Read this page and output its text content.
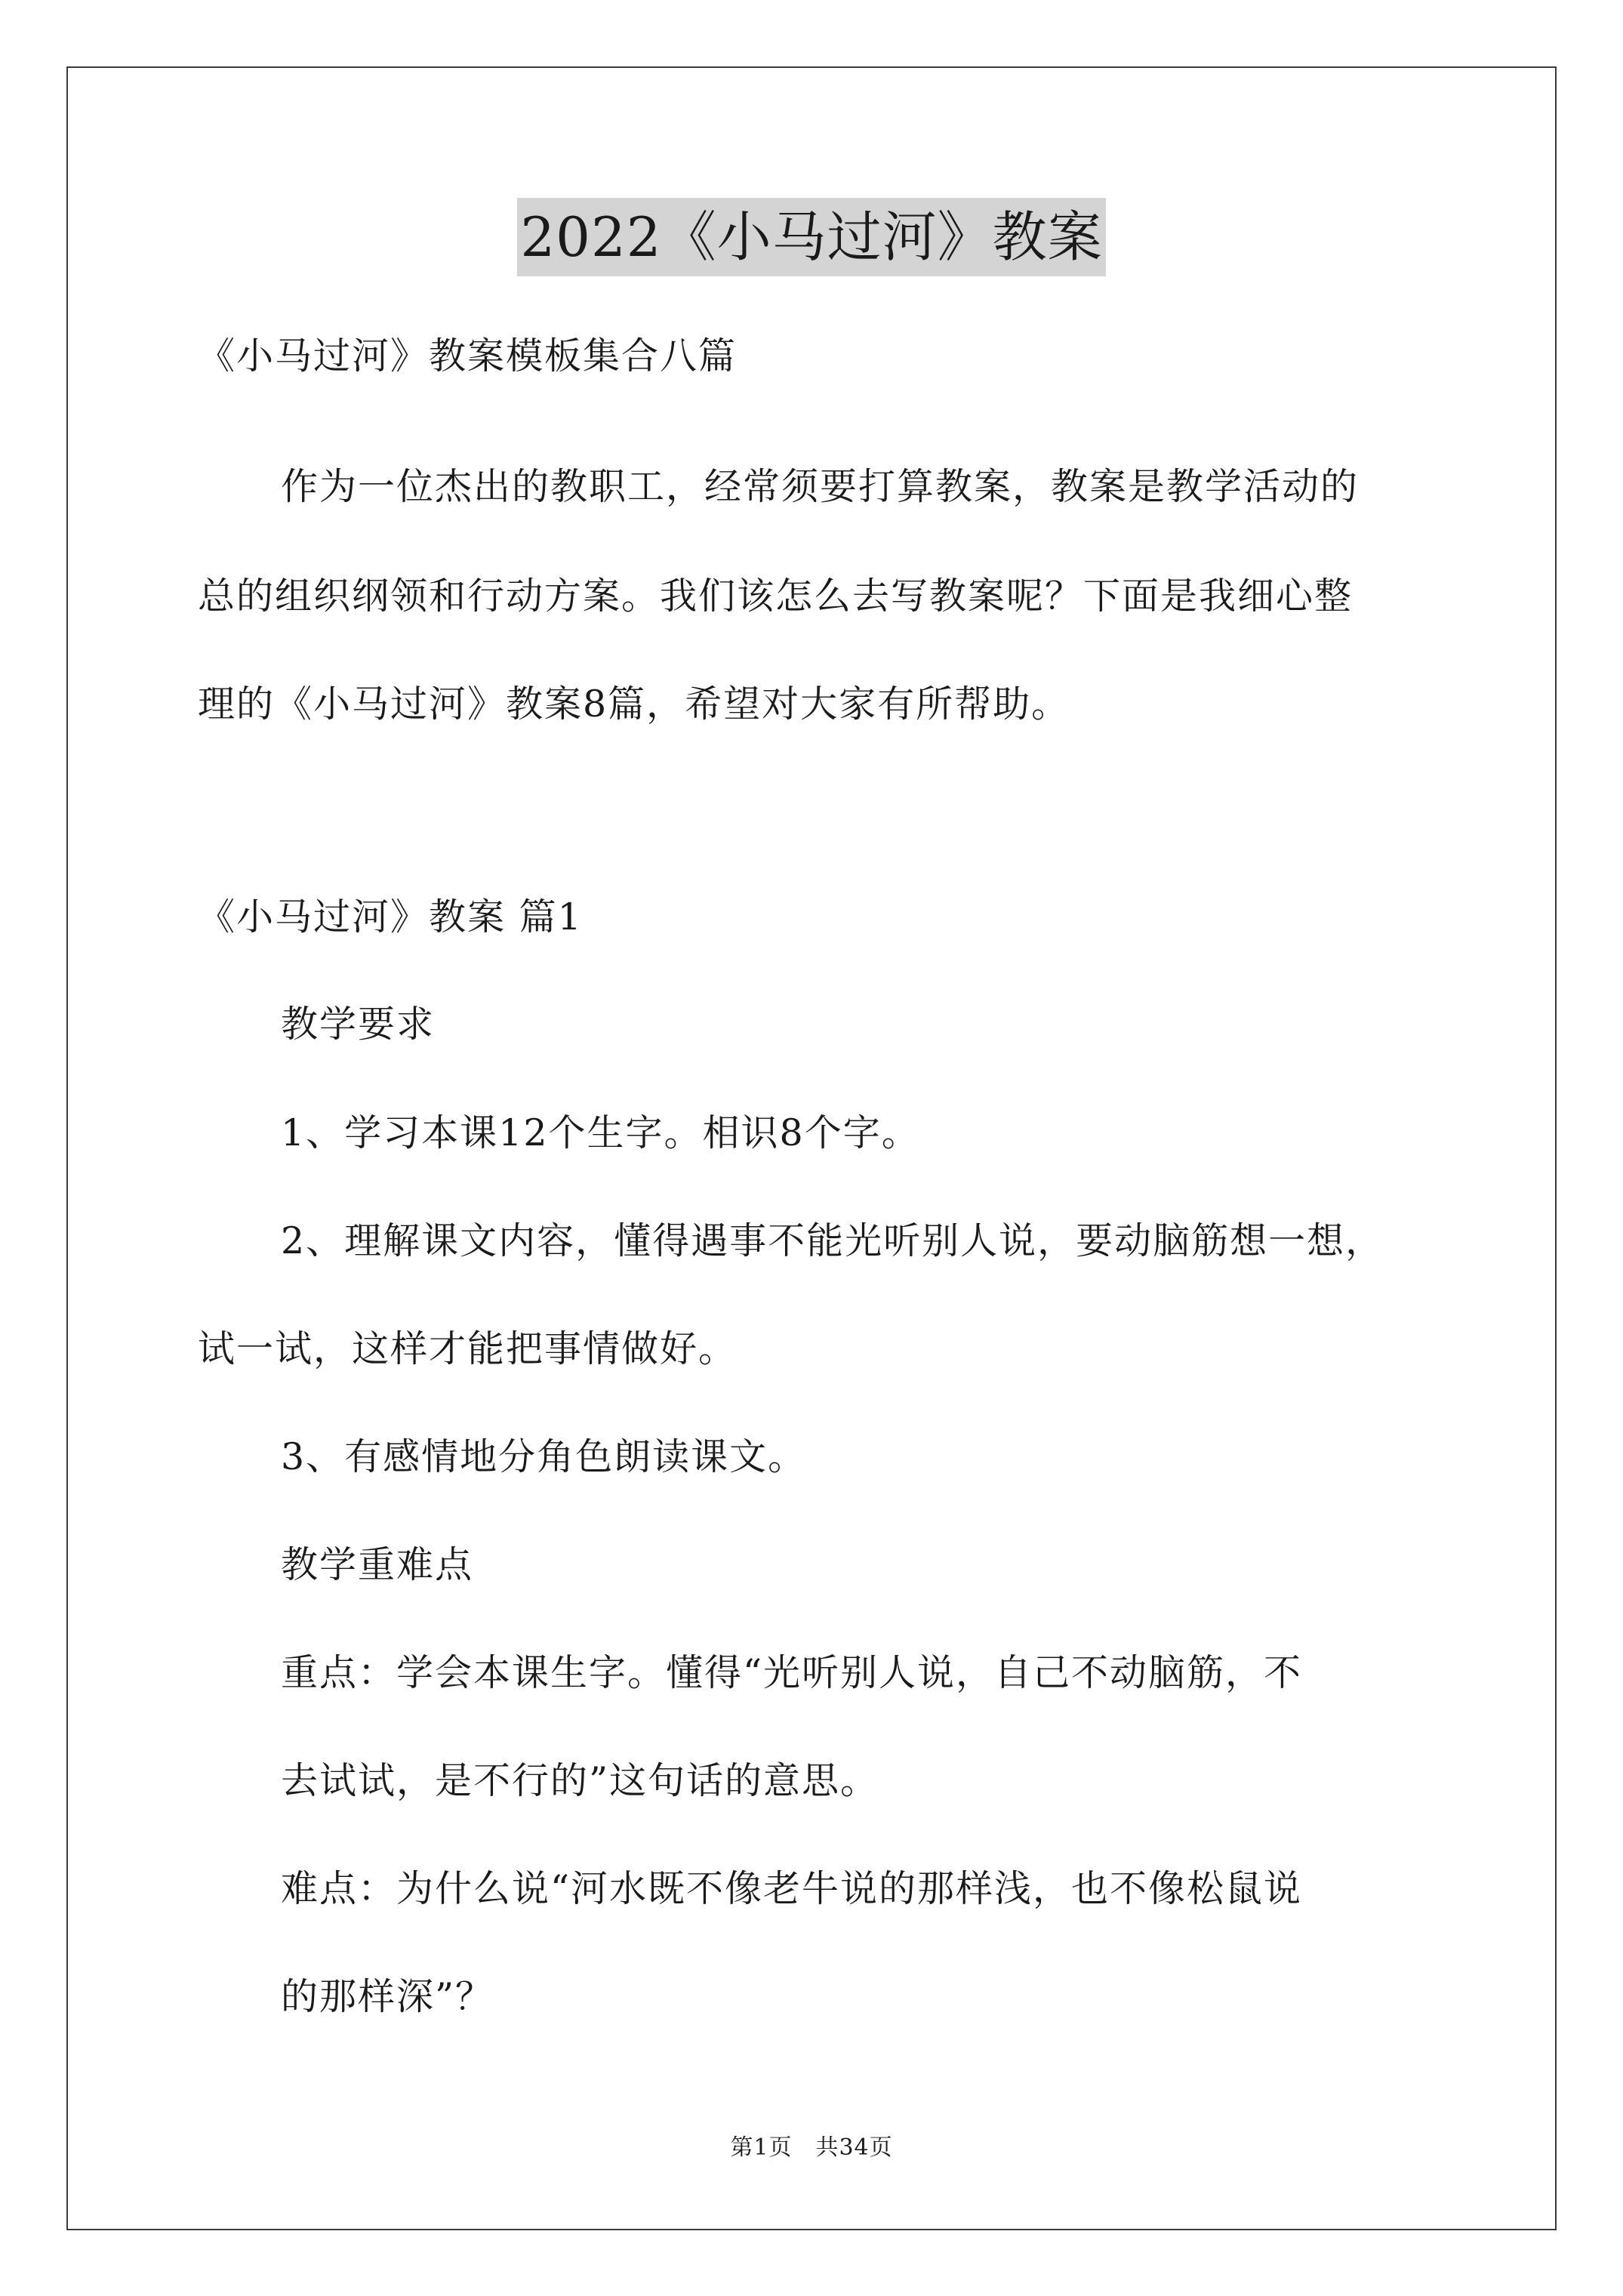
2022《小马过河》教案
《小马过河》教案模板集合八篇
作为一位杰出的教职工，经常须要打算教案，教案是教学活动的
总的组织纲领和行动方案。我们该怎么去写教案呢？下面是我细心整
理的《小马过河》教案8篇，希望对大家有所帮助。
《小马过河》教案 篇1
教学要求
1、学习本课12个生字。相识8个字。
2、理解课文内容，懂得遇事不能光听别人说，要动脑筋想一想，
试一试，这样才能把事情做好。
3、有感情地分角色朗读课文。
教学重难点
重点：学会本课生字。懂得“光听别人说，自己不动脑筋，不
去试试，是不行的”这句话的意思。
难点：为什么说“河水既不像老牛说的那样浅，也不像松鼠说
的那样深”？
第1页　共34页
